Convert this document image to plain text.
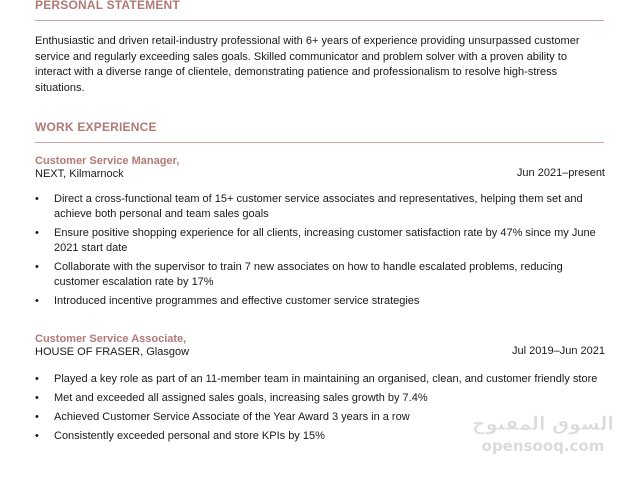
PERSONAL STATEMENT
Enthusiastic and driven retail-industry professional with 6+ years of experience providing unsurpassed customer service and regularly exceeding sales goals. Skilled communicator and problem solver with a proven ability to interact with a diverse range of clientele, demonstrating patience and professionalism to resolve high-stress situations.
WORK EXPERIENCE
Customer Service Manager,
NEXT, Kilmarnock	Jun 2021–present
• Direct a cross-functional team of 15+ customer service associates and representatives, helping them set and achieve both personal and team sales goals
• Ensure positive shopping experience for all clients, increasing customer satisfaction rate by 47% since my June 2021 start date
• Collaborate with the supervisor to train 7 new associates on how to handle escalated problems, reducing customer escalation rate by 17%
• Introduced incentive programmes and effective customer service strategies
Customer Service Associate,
HOUSE OF FRASER, Glasgow	Jul 2019–Jun 2021
• Played a key role as part of an 11-member team in maintaining an organised, clean, and customer friendly store
• Met and exceeded all assigned sales goals, increasing sales growth by 7.4%
• Achieved Customer Service Associate of the Year Award 3 years in a row
• Consistently exceeded personal and store KPIs by 15%
السوق المفتوح
opensooq.com
